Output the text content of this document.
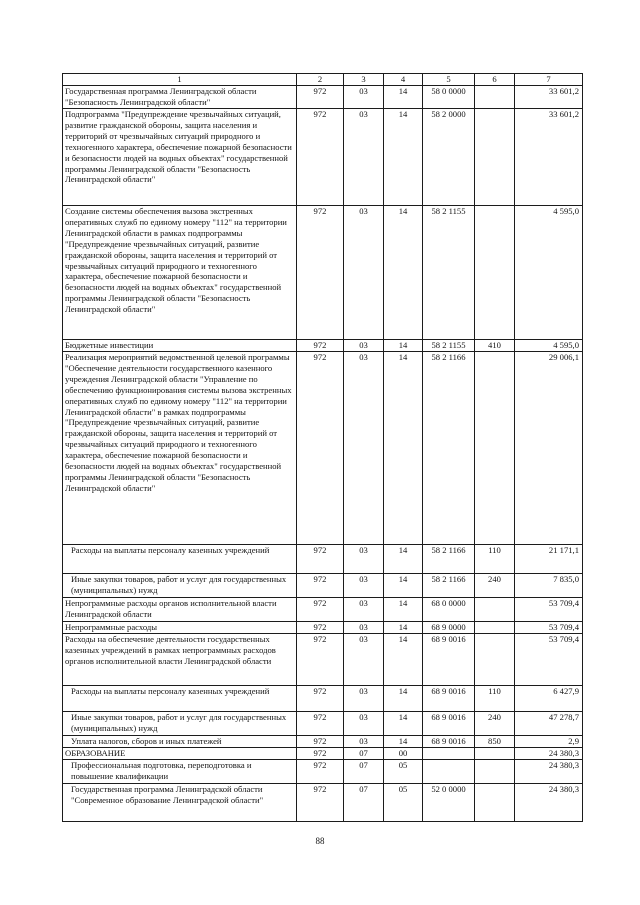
1	2	3	4	5	6	7
Государственная программа Ленинградской области "Безопасность Ленинградской области"	972	03	14	58 0 0000		33 601,2
Подпрограмма "Предупреждение чрезвычайных ситуаций, развитие гражданской обороны, защита населения и территорий от чрезвычайных ситуаций природного и техногенного характера, обеспечение пожарной безопасности и безопасности людей на водных объектах" государственной программы Ленинградской области "Безопасность Ленинградской области"	972	03	14	58 2 0000		33 601,2
Создание системы обеспечения вызова экстренных оперативных служб по единому номеру "112" на территории Ленинградской области в рамках подпрограммы "Предупреждение чрезвычайных ситуаций, развитие гражданской обороны, защита населения и территорий от чрезвычайных ситуаций природного и техногенного характера, обеспечение пожарной безопасности и безопасности людей на водных объектах" государственной программы Ленинградской области "Безопасность Ленинградской области"	972	03	14	58 2 1155		4 595,0
Бюджетные инвестиции	972	03	14	58 2 1155	410	4 595,0
Реализация мероприятий ведомственной целевой программы "Обеспечение деятельности государственного казенного учреждения Ленинградской области "Управление по обеспечению функционирования системы вызова экстренных оперативных служб по единому номеру "112" на территории Ленинградской области" в рамках подпрограммы "Предупреждение чрезвычайных ситуаций, развитие гражданской обороны, защита населения и территорий от чрезвычайных ситуаций природного и техногенного характера, обеспечение пожарной безопасности и безопасности людей на водных объектах" государственной программы Ленинградской области "Безопасность Ленинградской области"	972	03	14	58 2 1166		29 006,1
Расходы на выплаты персоналу казенных учреждений	972	03	14	58 2 1166	110	21 171,1
Иные закупки товаров, работ и услуг для государственных (муниципальных) нужд	972	03	14	58 2 1166	240	7 835,0
Непрограммные расходы органов исполнительной власти Ленинградской области	972	03	14	68 0 0000		53 709,4
Непрограммные расходы	972	03	14	68 9 0000		53 709,4
Расходы на обеспечение деятельности государственных казенных учреждений в рамках непрограммных расходов органов исполнительной власти Ленинградской области	972	03	14	68 9 0016		53 709,4
Расходы на выплаты персоналу казенных учреждений	972	03	14	68 9 0016	110	6 427,9
Иные закупки товаров, работ и услуг для государственных (муниципальных) нужд	972	03	14	68 9 0016	240	47 278,7
Уплата налогов, сборов и иных платежей	972	03	14	68 9 0016	850	2,9
ОБРАЗОВАНИЕ	972	07	00			24 380,3
Профессиональная подготовка, переподготовка и повышение квалификации	972	07	05			24 380,3
Государственная программа Ленинградской области "Современное образование Ленинградской области"	972	07	05	52 0 0000		24 380,3
88
